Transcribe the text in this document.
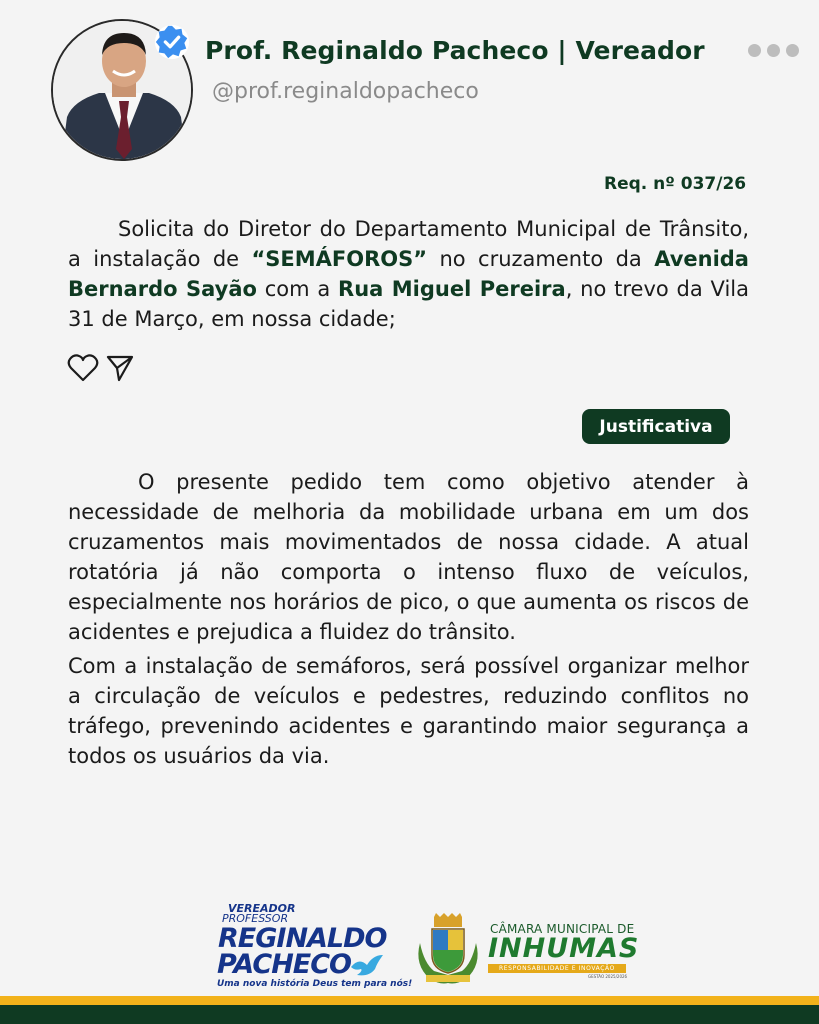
Prof. Reginaldo Pacheco | Vereador
@prof.reginaldopacheco
Req. nº 037/26
Solicita do Diretor do Departamento Municipal de Trânsito, a instalação de “SEMÁFOROS” no cruzamento da Avenida Bernardo Sayão com a Rua Miguel Pereira, no trevo da Vila 31 de Março, em nossa cidade;
Justificativa
O presente pedido tem como objetivo atender à necessidade de melhoria da mobilidade urbana em um dos cruzamentos mais movimentados de nossa cidade. A atual rotatória já não comporta o intenso fluxo de veículos, especialmente nos horários de pico, o que aumenta os riscos de acidentes e prejudica a fluidez do trânsito.
Com a instalação de semáforos, será possível organizar melhor a circulação de veículos e pedestres, reduzindo conflitos no tráfego, prevenindo acidentes e garantindo maior segurança a todos os usuários da via.
VEREADOR
PROFESSOR
REGINALDO
PACHECO
Uma nova história Deus tem para nós!
CÂMARA MUNICIPAL DE
INHUMAS
RESPONSABILIDADE E INOVAÇÃO
GESTÃO 2025/2026
